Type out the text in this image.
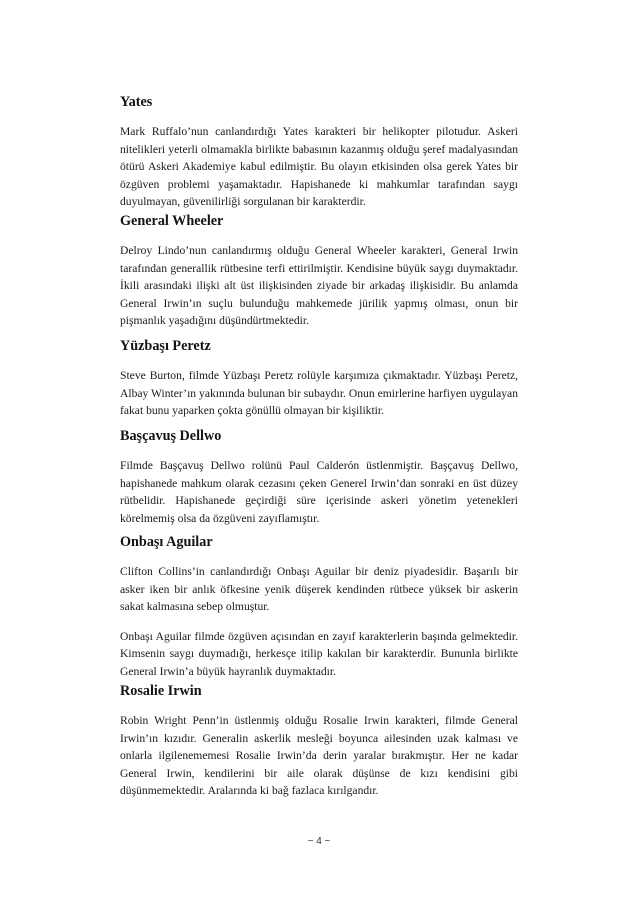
Yates

Mark Ruffalo’nun canlandırdığı Yates karakteri bir helikopter pilotudur. Askeri nitelikleri yeterli olmamakla birlikte babasının kazanmış olduğu şeref madalyasından ötürü Askeri Akademiye kabul edilmiştir. Bu olayın etkisinden olsa gerek Yates bir özgüven problemi yaşamaktadır. Hapishanede ki mahkumlar tarafından saygı duyulmayan, güvenilirliği sorgulanan bir karakterdir.

General Wheeler

Delroy Lindo’nun canlandırmış olduğu General Wheeler karakteri, General Irwin tarafından generallik rütbesine terfi ettirilmiştir. Kendisine büyük saygı duymaktadır. İkili arasındaki ilişki alt üst ilişkisinden ziyade bir arkadaş ilişkisidir. Bu anlamda General Irwin’ın suçlu bulunduğu mahkemede jürilik yapmış olması, onun bir pişmanlık yaşadığını düşündürtmektedir.

Yüzbaşı Peretz

Steve Burton, filmde Yüzbaşı Peretz rolüyle karşımıza çıkmaktadır. Yüzbaşı Peretz, Albay Winter’ın yakınında bulunan bir subaydır. Onun emirlerine harfiyen uygulayan fakat bunu yaparken çokta gönüllü olmayan bir kişiliktir.

Başçavuş Dellwo

Filmde Başçavuş Dellwo rolünü Paul Calderón üstlenmiştir. Başçavuş Dellwo, hapishanede mahkum olarak cezasını çeken Generel Irwin’dan sonraki en üst düzey rütbelidir. Hapishanede geçirdiği süre içerisinde askeri yönetim yetenekleri körelmemiş olsa da özgüveni zayıflamıştır.

Onbaşı Aguilar

Clifton Collins’in canlandırdığı Onbaşı Aguilar bir deniz piyadesidir. Başarılı bir asker iken bir anlık öfkesine yenik düşerek kendinden rütbece yüksek bir askerin sakat kalmasına sebep olmuştur.

Onbaşı Aguilar filmde özgüven açısından en zayıf karakterlerin başında gelmektedir. Kimsenin saygı duymadığı, herkesçe itilip kakılan bir karakterdir. Bununla birlikte General Irwin’a büyük hayranlık duymaktadır.

Rosalie Irwin

Robin Wright Penn’in üstlenmiş olduğu Rosalie Irwin karakteri, filmde General Irwin’ın kızıdır. Generalin askerlik mesleği boyunca ailesinden uzak kalması ve onlarla ilgilenememesi Rosalie Irwin’da derin yaralar bırakmıştır. Her ne kadar General Irwin, kendilerini bir aile olarak düşünse de kızı kendisini gibi düşünmemektedir. Aralarında ki bağ fazlaca kırılgandır.

~ 4 ~
